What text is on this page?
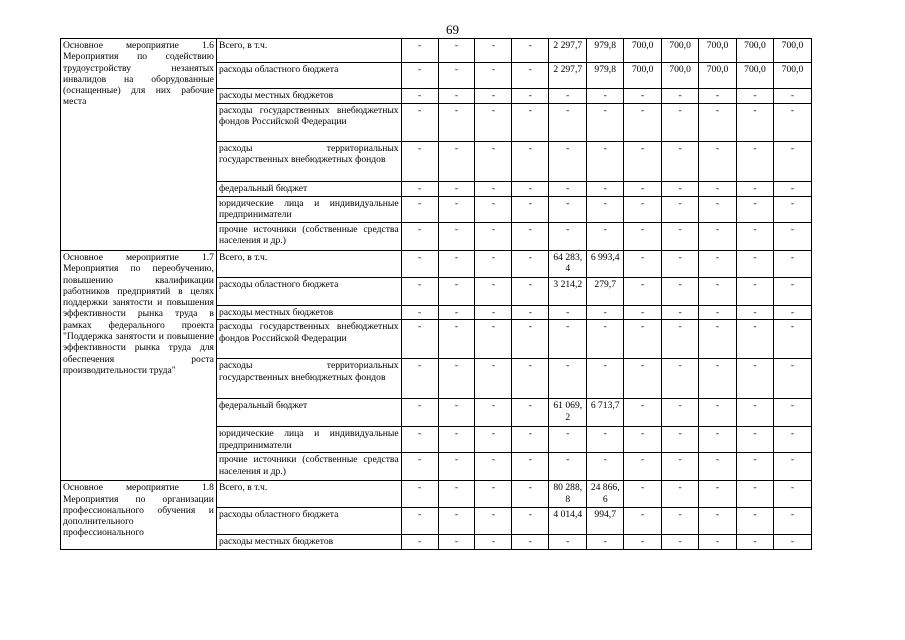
69
Основное мероприятие 1.6 Мероприятия по содействию трудоустройству незанятых инвалидов на оборудованные (оснащенные) для них рабочие места	Всего, в т.ч.	-	-	-	-	2 297,7	979,8	700,0	700,0	700,0	700,0	700,0

	расходы областного бюджета	-	-	-	-	2 297,7	979,8	700,0	700,0	700,0	700,0	700,0

	расходы местных бюджетов	-	-	-	-	-	-	-	-	-	-	-

	расходы государственных внебюджетных фондов Российской Федерации	-	-	-	-	-	-	-	-	-	-	-

	расходы территориальных государственных внебюджетных фондов	-	-	-	-	-	-	-	-	-	-	-

	федеральный бюджет	-	-	-	-	-	-	-	-	-	-	-

	юридические лица и индивидуальные предприниматели	-	-	-	-	-	-	-	-	-	-	-

	прочие источники (собственные средства населения и др.)	-	-	-	-	-	-	-	-	-	-	-

Основное мероприятие 1.7 Мероприятия по переобучению, повышению квалификации работников предприятий в целях поддержки занятости и повышения эффективности рынка труда в рамках федерального проекта "Поддержка занятости и повышение эффективности рынка труда для обеспечения роста производительности труда"	Всего, в т.ч.	-	-	-	-	64 283,4	6 993,4	-	-	-	-	-

	расходы областного бюджета	-	-	-	-	3 214,2	279,7	-	-	-	-	-

	расходы местных бюджетов	-	-	-	-	-	-	-	-	-	-	-

	расходы государственных внебюджетных фондов Российской Федерации	-	-	-	-	-	-	-	-	-	-	-

	расходы территориальных государственных внебюджетных фондов	-	-	-	-	-	-	-	-	-	-	-

	федеральный бюджет	-	-	-	-	61 069,2	6 713,7	-	-	-	-	-

	юридические лица и индивидуальные предприниматели	-	-	-	-	-	-	-	-	-	-	-

	прочие источники (собственные средства населения и др.)	-	-	-	-	-	-	-	-	-	-	-

Основное мероприятие 1.8 Мероприятия по организации профессионального обучения и дополнительного профессионального	Всего, в т.ч.	-	-	-	-	80 288,8	24 866,6	-	-	-	-	-

	расходы областного бюджета	-	-	-	-	4 014,4	994,7	-	-	-	-	-

	расходы местных бюджетов	-	-	-	-	-	-	-	-	-	-	-
